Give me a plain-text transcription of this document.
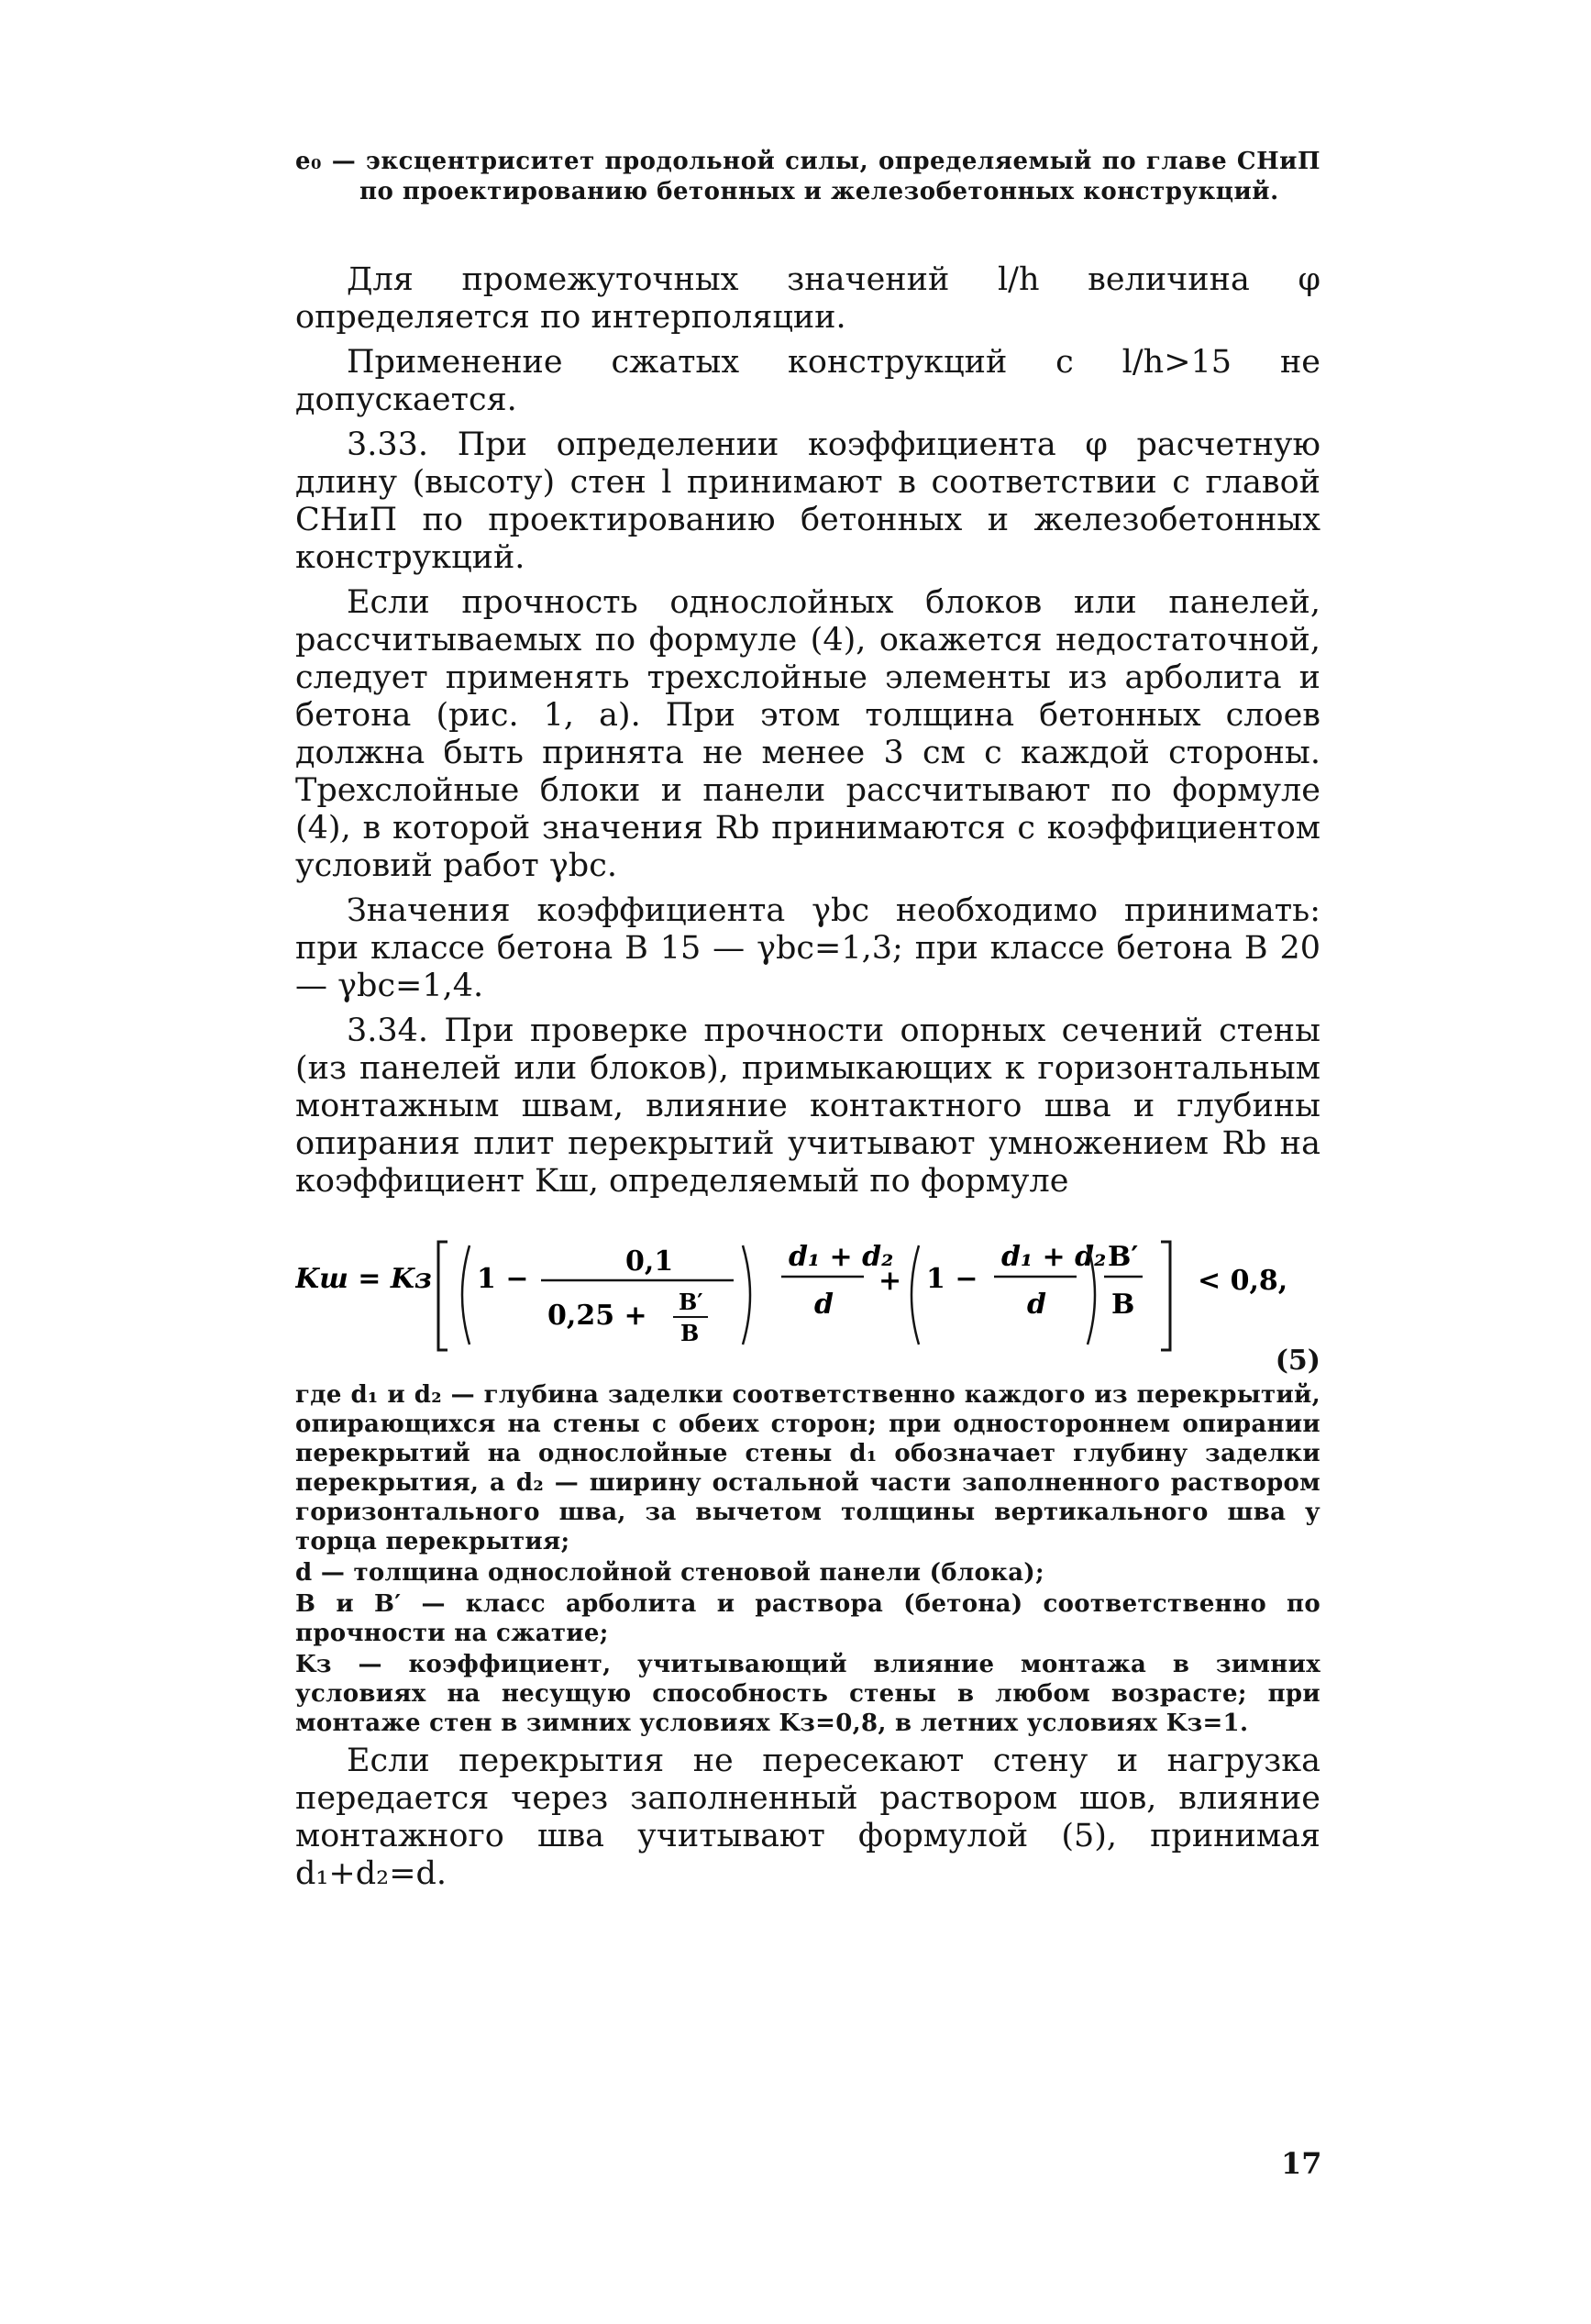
e₀ — эксцентриситет продольной силы, определяемый по главе СНиП по проектированию бетонных и железобетонных конструкций.

Для промежуточных значений l/h величина φ определяется по интерполяции.

Применение сжатых конструкций с l/h>15 не допускается.

3.33. При определении коэффициента φ расчетную длину (высоту) стен l принимают в соответствии с главой СНиП по проектированию бетонных и железобетонных конструкций.

Если прочность однослойных блоков или панелей, рассчитываемых по формуле (4), окажется недостаточной, следует применять трехслойные элементы из арболита и бетона (рис. 1, а). При этом толщина бетонных слоев должна быть принята не менее 3 см с каждой стороны. Трехслойные блоки и панели рассчитывают по формуле (4), в которой значения Rb принимаются с коэффициентом условий работ γbc.

Значения коэффициента γbc необходимо принимать: при классе бетона В 15 — γbc=1,3; при классе бетона В 20 — γbc=1,4.

3.34. При проверке прочности опорных сечений стены (из панелей или блоков), примыкающих к горизонтальным монтажным швам, влияние контактного шва и глубины опирания плит перекрытий учитывают умножением Rb на коэффициент Kш, определяемый по формуле

Kш = Kз 1 −
0,1
0,25 + B′
B
d₁ + d₂
d
+ 1 −
d₁ + d₂
d
B′
B
< 0,8,
(5)

где d₁ и d₂ — глубина заделки соответственно каждого из перекрытий, опирающихся на стены с обеих сторон; при одностороннем опирании перекрытий на однослойные стены d₁ обозначает глубину заделки перекрытия, а d₂ — ширину остальной части заполненного раствором горизонтального шва, за вычетом толщины вертикального шва у торца перекрытия;

d — толщина однослойной стеновой панели (блока);

В и В′ — класс арболита и раствора (бетона) соответственно по прочности на сжатие;

Kз — коэффициент, учитывающий влияние монтажа в зимних условиях на несущую способность стены в любом возрасте; при монтаже стен в зимних условиях Kз=0,8, в летних условиях Kз=1.

Если перекрытия не пересекают стену и нагрузка передается через заполненный раствором шов, влияние монтажного шва учитывают формулой (5), принимая d₁+d₂=d.

17
